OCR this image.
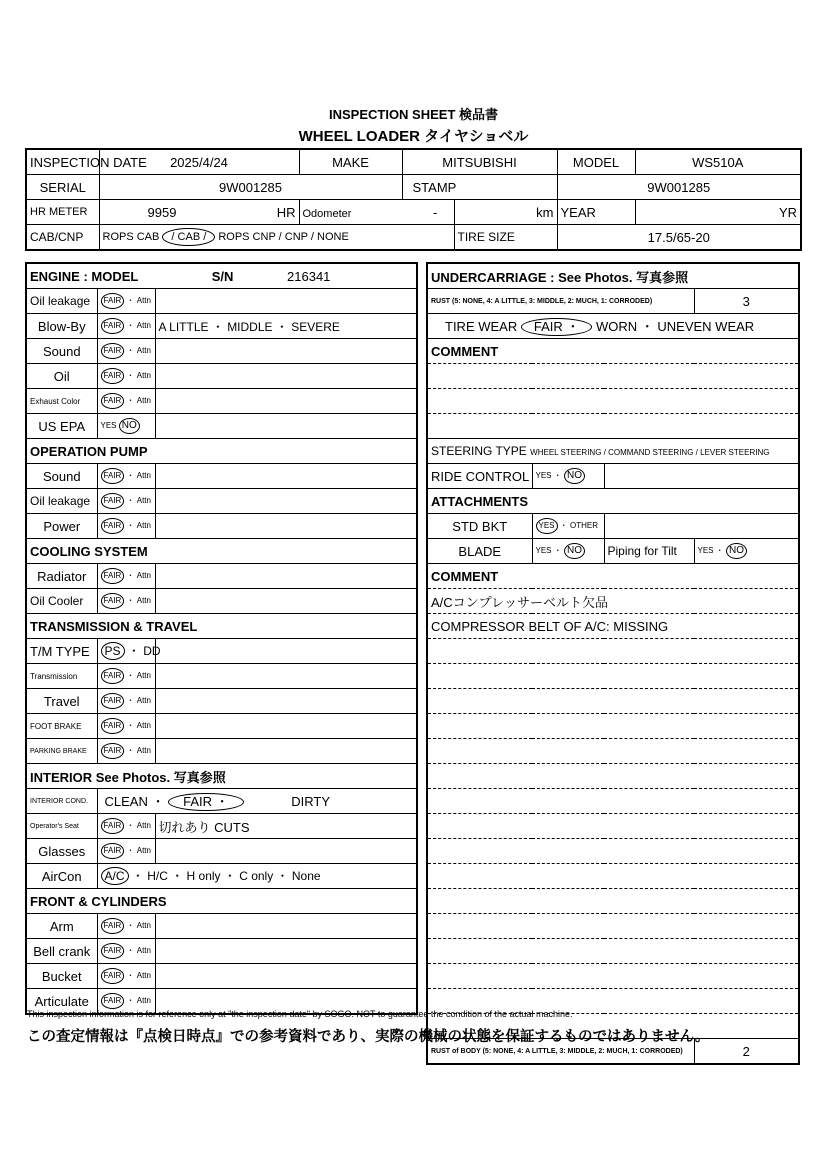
INSPECTION SHEET 検品書
WHEEL LOADER タイヤショベル
INSPECTION DATE	2025/4/24	MAKE	MITSUBISHI		MODEL	WS510A
SERIAL	9W001285		STAMP		9W001285	
HR METER	9959 HR	Odometer -		km	YEAR	YR
CAB/CNP	ROPS CAB / CAB / ROPS CNP / CNP / NONE			TIRE SIZE	17.5/65-20	
ENGINE : MODEL S/N 216341		
Oil leakage	FAIR ・ Attn	
Blow-By	FAIR ・ Attn	A LITTLE ・ MIDDLE ・ SEVERE
Sound	FAIR ・ Attn	
Oil	FAIR ・ Attn	
Exhaust Color	FAIR ・ Attn	
US EPA	YES NO	
OPERATION PUMP		
Sound	FAIR ・ Attn	
Oil leakage	FAIR ・ Attn	
Power	FAIR ・ Attn	
COOLING SYSTEM		
Radiator	FAIR ・ Attn	
Oil Cooler	FAIR ・ Attn	
TRANSMISSION & TRAVEL		
T/M TYPE	PS ・ DD	
Transmission	FAIR ・ Attn	
Travel	FAIR ・ Attn	
FOOT BRAKE	FAIR ・ Attn	
PARKING BRAKE	FAIR ・ Attn	
INTERIOR See Photos. 写真参照		
INTERIOR COND.	CLEAN ・ FAIR ・ DIRTY	
Operator's Seat	FAIR ・ Attn	切れあり CUTS
Glasses	FAIR ・ Attn	
AirCon	A/C ・ H/C ・ H only ・ C only ・ None	
FRONT & CYLINDERS		
Arm	FAIR ・ Attn	
Bell crank	FAIR ・ Attn	
Bucket	FAIR ・ Attn	
Articulate	FAIR ・ Attn	
UNDERCARRIAGE : See Photos. 写真参照			
RUST (5: NONE, 4: A LITTLE, 3: MIDDLE, 2: MUCH, 1: CORRODED)			3
TIRE WEAR FAIR ・ WORN ・ UNEVEN WEAR			
COMMENT			

STEERING TYPE WHEEL STEERING / COMMAND STEERING / LEVER STEERING			
RIDE CONTROL	YES ・ NO		
ATTACHMENTS			
STD BKT	YES ・ OTHER		
BLADE	YES ・ NO	Piping for Tilt	YES ・ NO
COMMENT			
A/Cコンプレッサーベルト欠品			
COMPRESSOR BELT OF A/C: MISSING			

RUST of BODY (5: NONE, 4: A LITTLE, 3: MIDDLE, 2: MUCH, 1: CORRODED)			2
This inspection information is for reference only at "the inspection date" by SOGO. NOT to guarantee the condition of the actual machine.
この査定情報は『点検日時点』での参考資料であり、実際の機械の状態を保証するものではありません。
